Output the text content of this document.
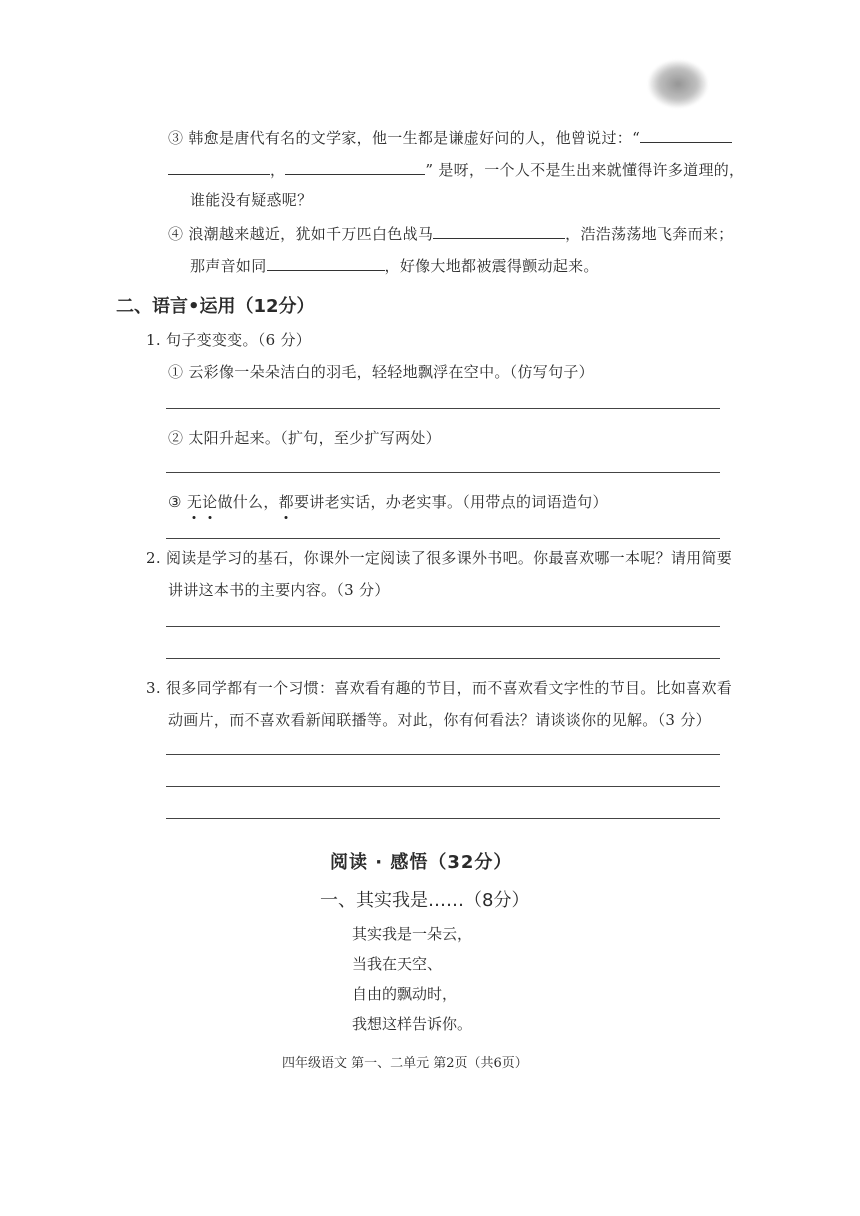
③ 韩愈是唐代有名的文学家，他一生都是谦虚好问的人，他曾说过：“
，	” 是呀，一个人不是生出来就懂得许多道理的，
谁能没有疑惑呢？
④ 浪潮越来越近，犹如千万匹白色战马	，浩浩荡荡地飞奔而来；
那声音如同	，好像大地都被震得颤动起来。
二、语言•运用（12分）
1. 句子变变变。（6 分）
① 云彩像一朵朵洁白的羽毛，轻轻地飘浮在空中。（仿写句子）
② 太阳升起来。（扩句，至少扩写两处）
③ 无论做什么，都要讲老实话，办老实事。（用带点的词语造句）
2. 阅读是学习的基石，你课外一定阅读了很多课外书吧。你最喜欢哪一本呢？请用简要
讲讲这本书的主要内容。（3 分）
3. 很多同学都有一个习惯：喜欢看有趣的节目，而不喜欢看文字性的节目。比如喜欢看
动画片，而不喜欢看新闻联播等。对此，你有何看法？请谈谈你的见解。（3 分）
阅读 · 感悟（32分）
一、其实我是……（8分）
其实我是一朵云，
当我在天空、
自由的飘动时，
我想这样告诉你。
四年级语文 第一、二单元 第2页（共6页）
